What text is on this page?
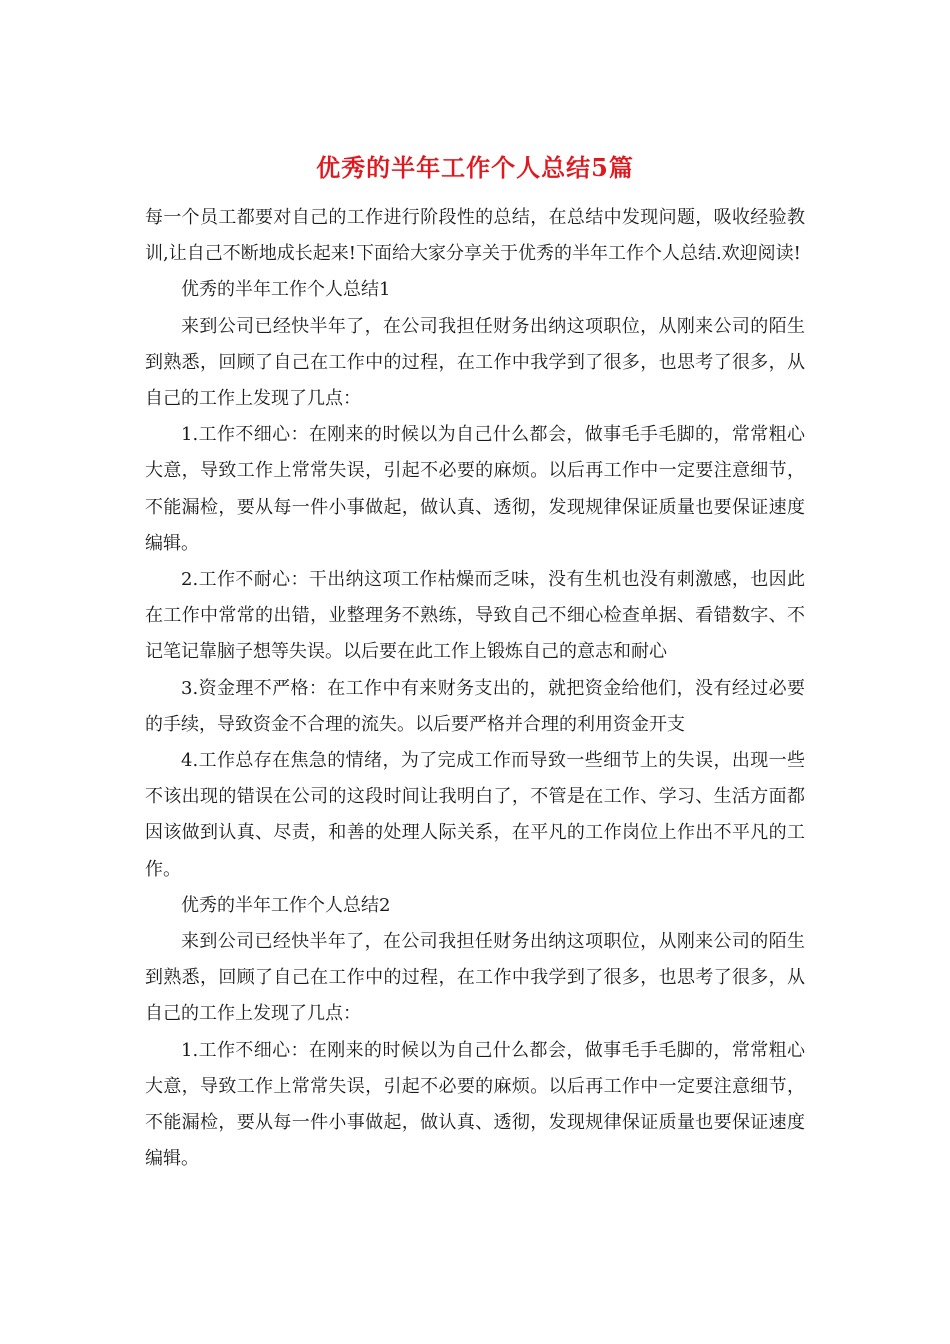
优秀的半年工作个人总结5篇

每一个员工都要对自己的工作进行阶段性的总结，在总结中发现问题，吸收经验教训,让自己不断地成长起来!下面给大家分享关于优秀的半年工作个人总结.欢迎阅读!

优秀的半年工作个人总结1

来到公司已经快半年了，在公司我担任财务出纳这项职位，从刚来公司的陌生到熟悉，回顾了自己在工作中的过程，在工作中我学到了很多，也思考了很多，从自己的工作上发现了几点：

1.工作不细心：在刚来的时候以为自己什么都会，做事毛手毛脚的，常常粗心大意，导致工作上常常失误，引起不必要的麻烦。以后再工作中一定要注意细节，不能漏检，要从每一件小事做起，做认真、透彻，发现规律保证质量也要保证速度编辑。

2.工作不耐心：干出纳这项工作枯燥而乏味，没有生机也没有刺激感，也因此在工作中常常的出错，业整理务不熟练，导致自己不细心检查单据、看错数字、不记笔记靠脑子想等失误。以后要在此工作上锻炼自己的意志和耐心

3.资金理不严格：在工作中有来财务支出的，就把资金给他们，没有经过必要的手续，导致资金不合理的流失。以后要严格并合理的利用资金开支

4.工作总存在焦急的情绪，为了完成工作而导致一些细节上的失误，出现一些不该出现的错误在公司的这段时间让我明白了，不管是在工作、学习、生活方面都因该做到认真、尽责，和善的处理人际关系，在平凡的工作岗位上作出不平凡的工作。

优秀的半年工作个人总结2

来到公司已经快半年了，在公司我担任财务出纳这项职位，从刚来公司的陌生到熟悉，回顾了自己在工作中的过程，在工作中我学到了很多，也思考了很多，从自己的工作上发现了几点：

1.工作不细心：在刚来的时候以为自己什么都会，做事毛手毛脚的，常常粗心大意，导致工作上常常失误，引起不必要的麻烦。以后再工作中一定要注意细节，不能漏检，要从每一件小事做起，做认真、透彻，发现规律保证质量也要保证速度编辑。
